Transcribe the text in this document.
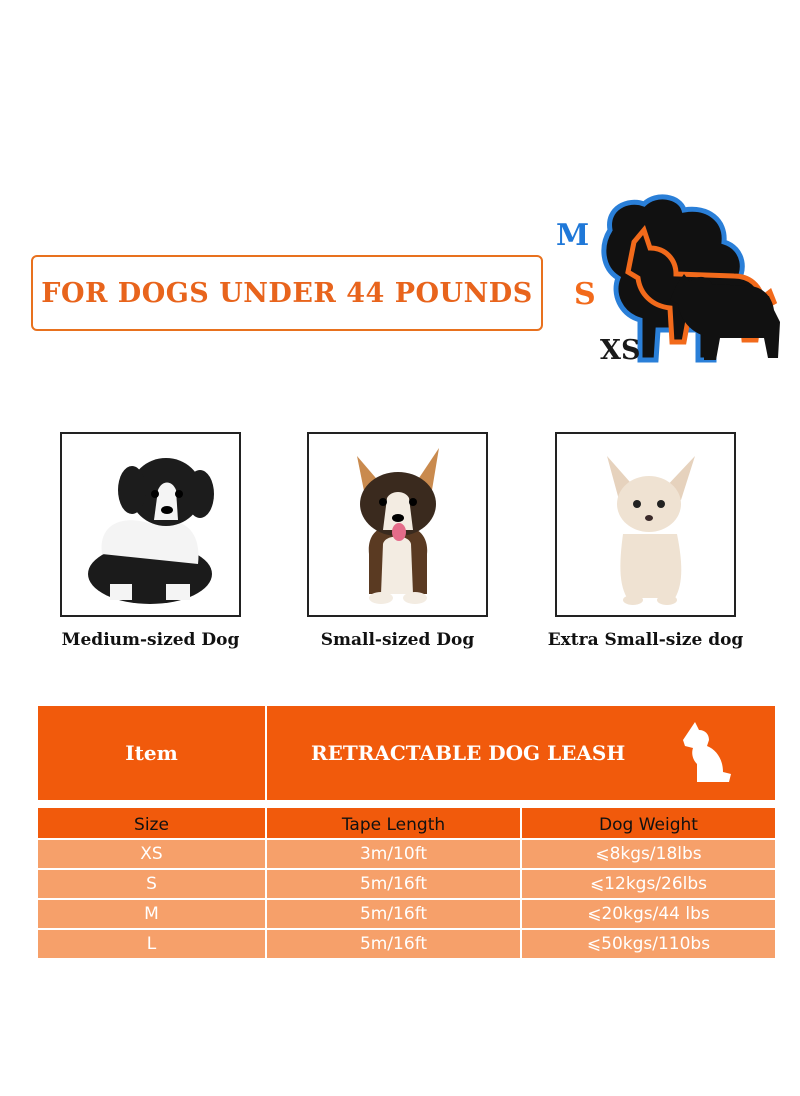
FOR DOGS UNDER 44 POUNDS
M
S
XS
Medium-sized Dog	Small-sized Dog	Extra Small-size dog
Item	RETRACTABLE DOG LEASH
Size	Tape Length	Dog Weight
XS	3m/10ft	⩽8kgs/18lbs
S	5m/16ft	⩽12kgs/26lbs
M	5m/16ft	⩽20kgs/44 lbs
L	5m/16ft	⩽50kgs/110bs
